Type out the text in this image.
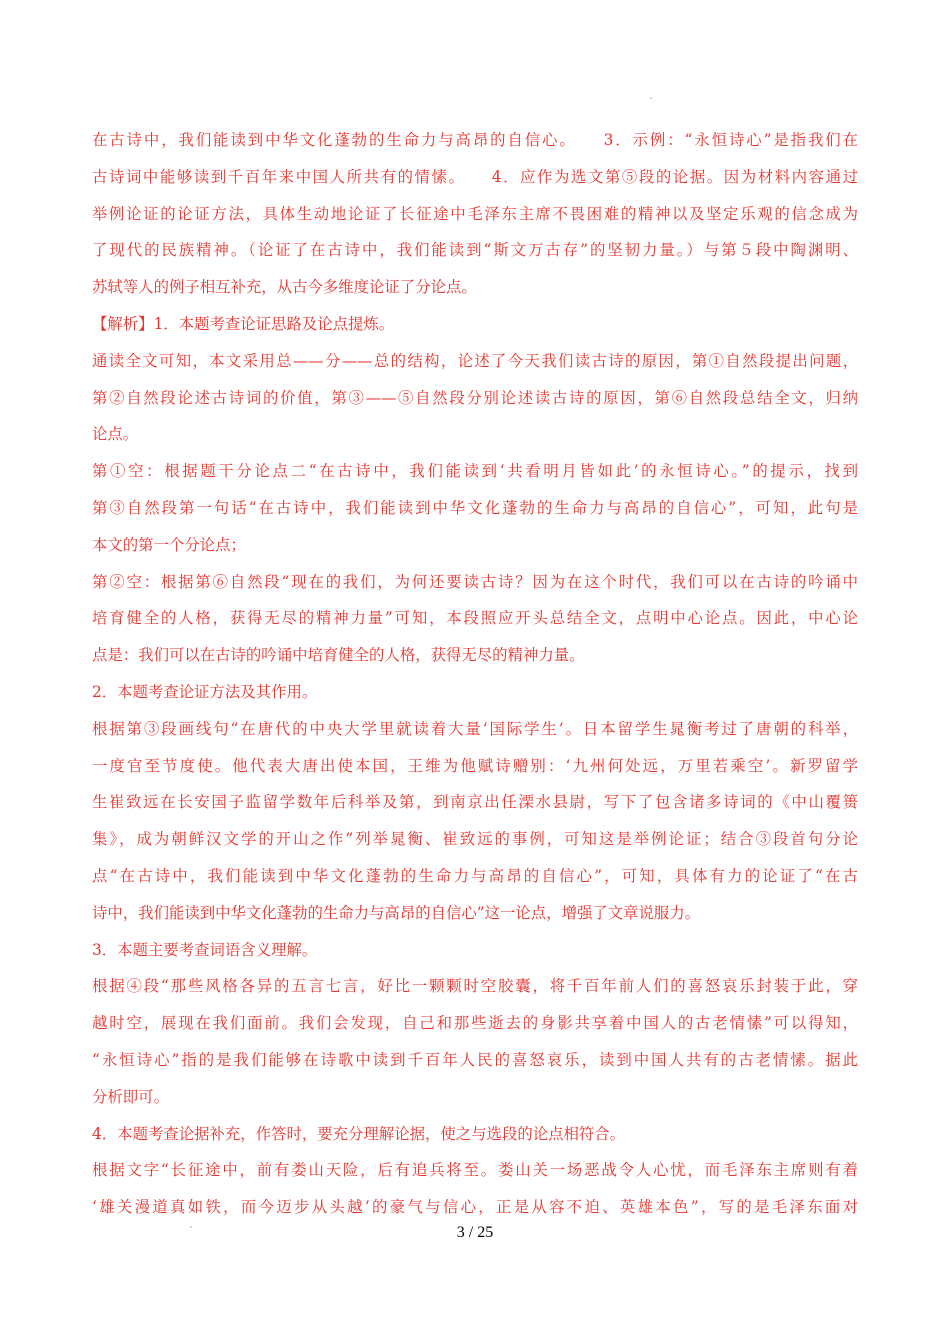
在古诗中，我们能读到中华文化蓬勃的生命力与高昂的自信心。　　3．示例：“永恒诗心”是指我们在
古诗词中能够读到千百年来中国人所共有的情愫。　　4．应作为选文第⑤段的论据。因为材料内容通过
举例论证的论证方法，具体生动地论证了长征途中毛泽东主席不畏困难的精神以及坚定乐观的信念成为
了现代的民族精神。（论证了在古诗中，我们能读到“斯文万古存”的坚韧力量。）与第５段中陶渊明、
苏轼等人的例子相互补充，从古今多维度论证了分论点。
【解析】1．本题考查论证思路及论点提炼。
通读全文可知，本文采用总——分——总的结构，论述了今天我们读古诗的原因，第①自然段提出问题，
第②自然段论述古诗词的价值，第③——⑤自然段分别论述读古诗的原因，第⑥自然段总结全文，归纳
论点。
第①空：根据题干分论点二“在古诗中，我们能读到‘共看明月皆如此’的永恒诗心。”的提示，找到
第③自然段第一句话“在古诗中，我们能读到中华文化蓬勃的生命力与高昂的自信心”，可知，此句是
本文的第一个分论点；
第②空：根据第⑥自然段“现在的我们，为何还要读古诗？因为在这个时代，我们可以在古诗的吟诵中
培育健全的人格，获得无尽的精神力量”可知，本段照应开头总结全文，点明中心论点。因此，中心论
点是：我们可以在古诗的吟诵中培育健全的人格，获得无尽的精神力量。
2．本题考查论证方法及其作用。
根据第③段画线句“在唐代的中央大学里就读着大量‘国际学生’。日本留学生晁衡考过了唐朝的科举，
一度官至节度使。他代表大唐出使本国，王维为他赋诗赠别：‘九州何处远，万里若乘空’。新罗留学
生崔致远在长安国子监留学数年后科举及第，到南京出任溧水县尉，写下了包含诸多诗词的《中山覆篑
集》，成为朝鲜汉文学的开山之作”列举晁衡、崔致远的事例，可知这是举例论证；结合③段首句分论
点“在古诗中，我们能读到中华文化蓬勃的生命力与高昂的自信心”，可知，具体有力的论证了“在古
诗中，我们能读到中华文化蓬勃的生命力与高昂的自信心”这一论点，增强了文章说服力。
3．本题主要考查词语含义理解。
根据④段“那些风格各异的五言七言，好比一颗颗时空胶囊，将千百年前人们的喜怒哀乐封装于此，穿
越时空，展现在我们面前。我们会发现，自己和那些逝去的身影共享着中国人的古老情愫”可以得知，
“永恒诗心”指的是我们能够在诗歌中读到千百年人民的喜怒哀乐，读到中国人共有的古老情愫。据此
分析即可。
4．本题考查论据补充，作答时，要充分理解论据，使之与选段的论点相符合。
根据文字“长征途中，前有娄山天险，后有追兵将至。娄山关一场恶战令人心忧，而毛泽东主席则有着
‘雄关漫道真如铁，而今迈步从头越’的豪气与信心，正是从容不迫、英雄本色”，写的是毛泽东面对
3 / 25
